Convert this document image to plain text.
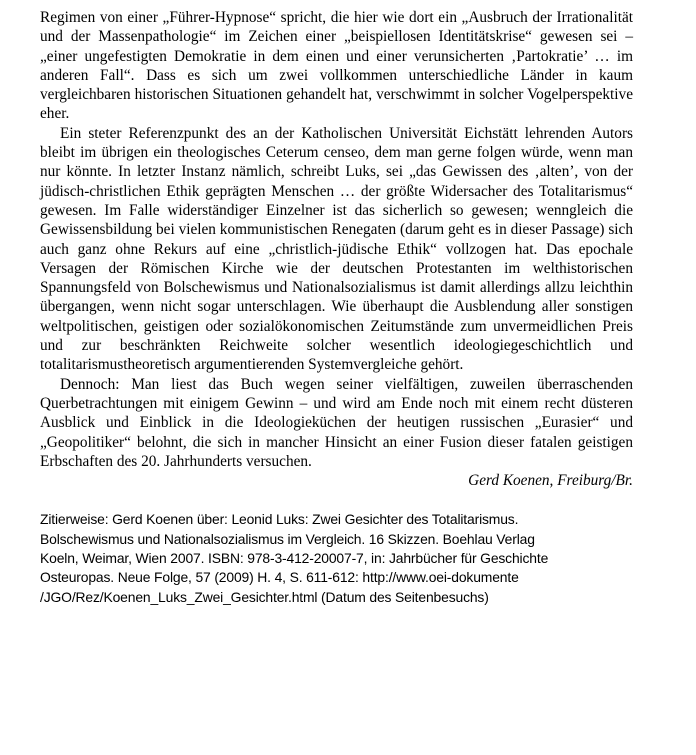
Regimen von einer „Führer-Hypnose“ spricht, die hier wie dort ein „Ausbruch der Irrationalität und der Massenpathologie“ im Zeichen einer „beispiellosen Identitätskrise“ gewesen sei – „einer ungefestigten Demokratie in dem einen und einer verunsicherten ‚Partokratie’ … im anderen Fall“. Dass es sich um zwei vollkommen unterschiedliche Länder in kaum vergleichbaren historischen Situationen gehandelt hat, verschwimmt in solcher Vogelperspektive eher.

Ein steter Referenzpunkt des an der Katholischen Universität Eichstätt lehrenden Autors bleibt im übrigen ein theologisches Ceterum censeo, dem man gerne folgen würde, wenn man nur könnte. In letzter Instanz nämlich, schreibt Luks, sei „das Gewissen des ‚alten’, von der jüdisch-christlichen Ethik geprägten Menschen … der größte Widersacher des Totalitarismus“ gewesen. Im Falle widerständiger Einzelner ist das sicherlich so gewesen; wenngleich die Gewissensbildung bei vielen kommunistischen Renegaten (darum geht es in dieser Passage) sich auch ganz ohne Rekurs auf eine „christlich-jüdische Ethik“ vollzogen hat. Das epochale Versagen der Römischen Kirche wie der deutschen Protestanten im welthistorischen Spannungsfeld von Bolschewismus und Nationalsozialismus ist damit allerdings allzu leichthin übergangen, wenn nicht sogar unterschlagen. Wie überhaupt die Ausblendung aller sonstigen weltpolitischen, geistigen oder sozialökonomischen Zeitumstände zum unvermeidlichen Preis und zur beschränkten Reichweite solcher wesentlich ideologiegeschichtlich und totalitarismustheoretisch argumentierenden Systemvergleiche gehört.

Dennoch: Man liest das Buch wegen seiner vielfältigen, zuweilen überraschenden Querbetrachtungen mit einigem Gewinn – und wird am Ende noch mit einem recht düsteren Ausblick und Einblick in die Ideologieküchen der heutigen russischen „Eurasier“ und „Geopolitiker“ belohnt, die sich in mancher Hinsicht an einer Fusion dieser fatalen geistigen Erbschaften des 20. Jahrhunderts versuchen.

Gerd Koenen, Freiburg/Br.

Zitierweise: Gerd Koenen über: Leonid Luks: Zwei Gesichter des Totalitarismus.
Bolschewismus und Nationalsozialismus im Vergleich. 16 Skizzen. Boehlau Verlag
Koeln, Weimar, Wien 2007. ISBN: 978-3-412-20007-7, in: Jahrbücher für Geschichte
Osteuropas. Neue Folge, 57 (2009) H. 4, S. 611-612: http://www.oei-dokumente
/JGO/Rez/Koenen_Luks_Zwei_Gesichter.html (Datum des Seitenbesuchs)
